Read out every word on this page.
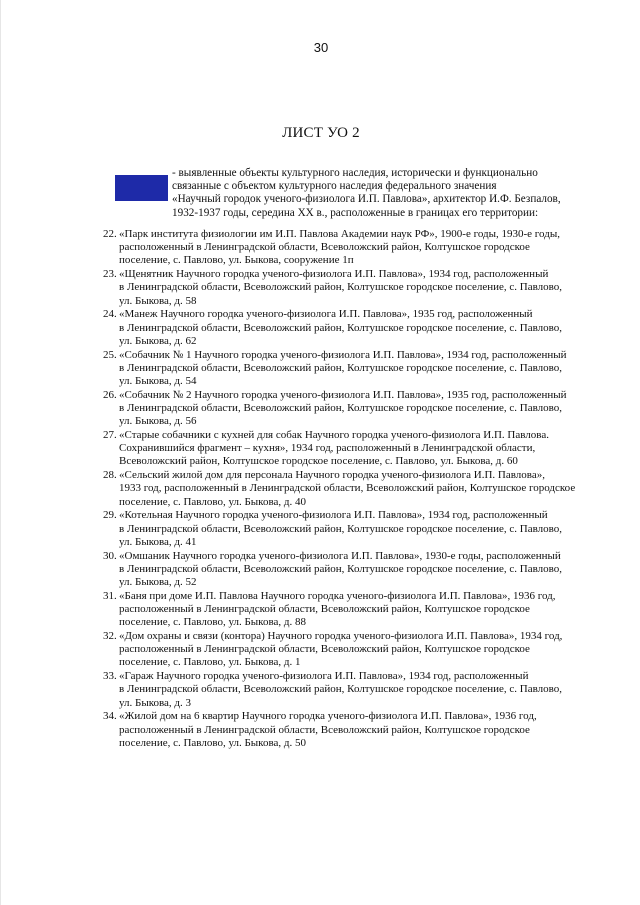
30
ЛИСТ УО 2
- выявленные объекты культурного наследия, исторически и функционально
связанные с объектом культурного наследия федерального значения
«Научный городок ученого-физиолога И.П. Павлова», архитектор И.Ф. Безпалов,
1932-1937 годы, середина XX в., расположенные в границах его территории:
22. «Парк института физиологии им И.П. Павлова Академии наук РФ», 1900-е годы, 1930-е годы,
расположенный в Ленинградской области, Всеволожский район, Колтушское городское
поселение, с. Павлово, ул. Быкова, сооружение 1п
23. «Щенятник Научного городка ученого-физиолога И.П. Павлова», 1934 год, расположенный
в Ленинградской области, Всеволожский район, Колтушское городское поселение, с. Павлово,
ул. Быкова, д. 58
24. «Манеж Научного городка ученого-физиолога И.П. Павлова», 1935 год, расположенный
в Ленинградской области, Всеволожский район, Колтушское городское поселение, с. Павлово,
ул. Быкова, д. 62
25. «Собачник № 1 Научного городка ученого-физиолога И.П. Павлова», 1934 год, расположенный
в Ленинградской области, Всеволожский район, Колтушское городское поселение, с. Павлово,
ул. Быкова, д. 54
26. «Собачник № 2 Научного городка ученого-физиолога И.П. Павлова», 1935 год, расположенный
в Ленинградской области, Всеволожский район, Колтушское городское поселение, с. Павлово,
ул. Быкова, д. 56
27. «Старые собачники с кухней для собак Научного городка ученого-физиолога И.П. Павлова.
Сохранившийся фрагмент – кухня», 1934 год, расположенный в Ленинградской области,
Всеволожский район, Колтушское городское поселение, с. Павлово, ул. Быкова, д. 60
28. «Сельский жилой дом для персонала Научного городка ученого-физиолога И.П. Павлова»,
1933 год, расположенный в Ленинградской области, Всеволожский район, Колтушское городское
поселение, с. Павлово, ул. Быкова, д. 40
29. «Котельная Научного городка ученого-физиолога И.П. Павлова», 1934 год, расположенный
в Ленинградской области, Всеволожский район, Колтушское городское поселение, с. Павлово,
ул. Быкова, д. 41
30. «Омшаник Научного городка ученого-физиолога И.П. Павлова», 1930-е годы, расположенный
в Ленинградской области, Всеволожский район, Колтушское городское поселение, с. Павлово,
ул. Быкова, д. 52
31. «Баня при доме И.П. Павлова Научного городка ученого-физиолога И.П. Павлова», 1936 год,
расположенный в Ленинградской области, Всеволожский район, Колтушское городское
поселение, с. Павлово, ул. Быкова, д. 88
32. «Дом охраны и связи (контора) Научного городка ученого-физиолога И.П. Павлова», 1934 год,
расположенный в Ленинградской области, Всеволожский район, Колтушское городское
поселение, с. Павлово, ул. Быкова, д. 1
33. «Гараж Научного городка ученого-физиолога И.П. Павлова», 1934 год, расположенный
в Ленинградской области, Всеволожский район, Колтушское городское поселение, с. Павлово,
ул. Быкова, д. 3
34. «Жилой дом на 6 квартир Научного городка ученого-физиолога И.П. Павлова», 1936 год,
расположенный в Ленинградской области, Всеволожский район, Колтушское городское
поселение, с. Павлово, ул. Быкова, д. 50
